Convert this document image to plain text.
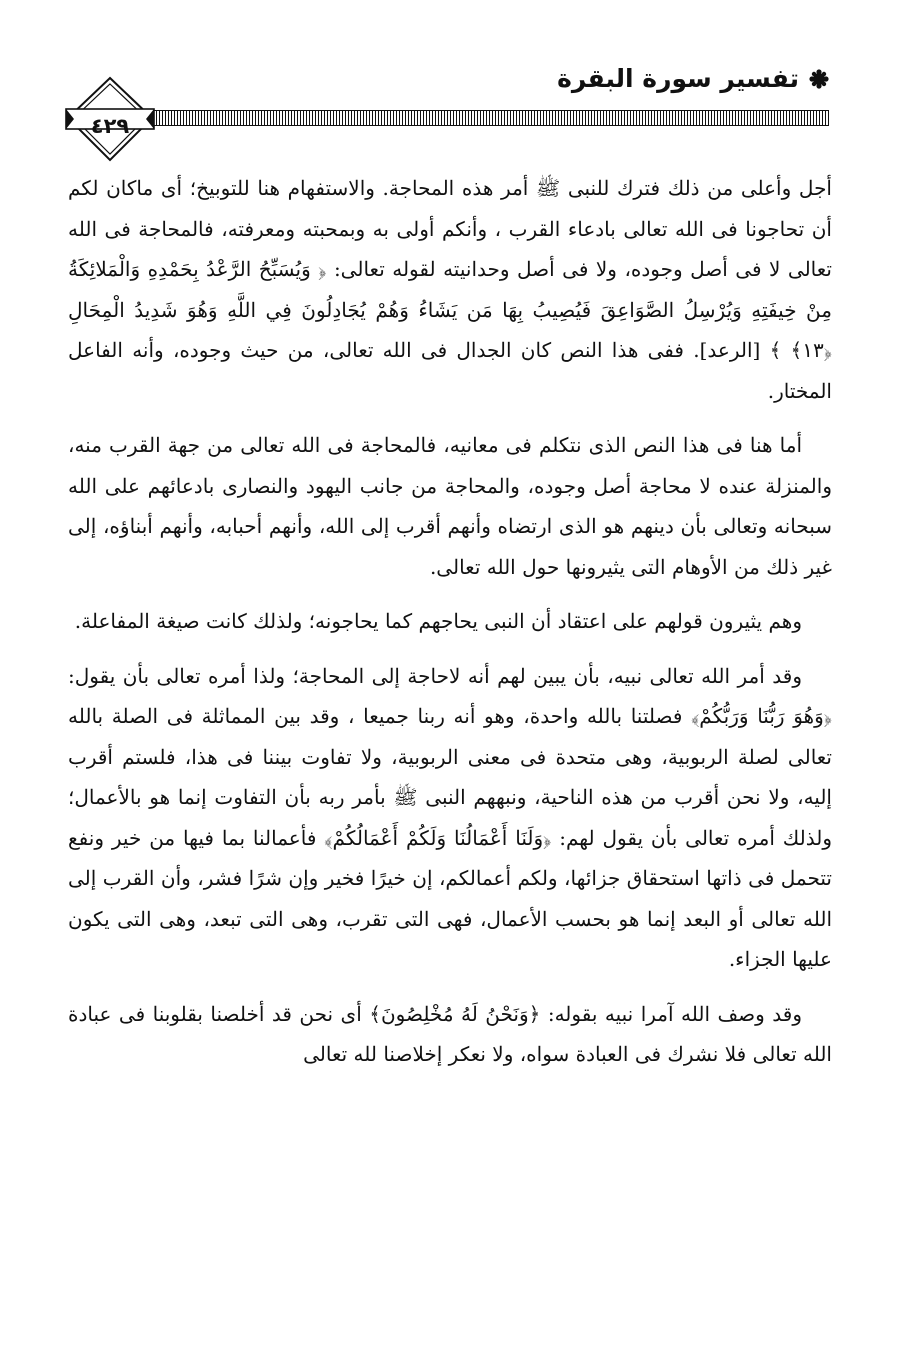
تفسير سورة البقرة
٤٢٩

أجل وأعلى من ذلك فترك للنبى ﷺ أمر هذه المحاجة. والاستفهام هنا للتوبيخ؛ أى ماكان لكم أن تحاجونا فى الله تعالى بادعاء القرب ، وأنكم أولى به وبمحبته ومعرفته، فالمحاجة فى الله تعالى لا فى أصل وجوده، ولا فى أصل وحدانيته لقوله تعالى: ﴿ وَيُسَبِّحُ الرَّعْدُ بِحَمْدِهِ وَالْمَلائِكَةُ مِنْ خِيفَتِهِ وَيُرْسِلُ الصَّوَاعِقَ فَيُصِيبُ بِهَا مَن يَشَاءُ وَهُمْ يُجَادِلُونَ فِي اللَّهِ وَهُوَ شَدِيدُ الْمِحَالِ ﴿١٣﴾ ﴾ [الرعد]. ففى هذا النص كان الجدال فى الله تعالى، من حيث وجوده، وأنه الفاعل المختار.

أما هنا فى هذا النص الذى نتكلم فى معانيه، فالمحاجة فى الله تعالى من جهة القرب منه، والمنزلة عنده لا محاجة أصل وجوده، والمحاجة من جانب اليهود والنصارى بادعائهم على الله سبحانه وتعالى بأن دينهم هو الذى ارتضاه وأنهم أقرب إلى الله، وأنهم أحبابه، وأنهم أبناؤه، إلى غير ذلك من الأوهام التى يثيرونها حول الله تعالى.

وهم يثيرون قولهم على اعتقاد أن النبى يحاجهم كما يحاجونه؛ ولذلك كانت صيغة المفاعلة.

وقد أمر الله تعالى نبيه، بأن يبين لهم أنه لاحاجة إلى المحاجة؛ ولذا أمره تعالى بأن يقول: ﴿وَهُوَ رَبُّنَا وَرَبُّكُمْ﴾ فصلتنا بالله واحدة، وهو أنه ربنا جميعا ، وقد بين المماثلة فى الصلة بالله تعالى لصلة الربوبية، وهى متحدة فى معنى الربوبية، ولا تفاوت بيننا فى هذا، فلستم أقرب إليه، ولا نحن أقرب من هذه الناحية، ونبههم النبى ﷺ بأمر ربه بأن التفاوت إنما هو بالأعمال؛ ولذلك أمره تعالى بأن يقول لهم: ﴿وَلَنَا أَعْمَالُنَا وَلَكُمْ أَعْمَالُكُمْ﴾ فأعمالنا بما فيها من خير ونفع تتحمل فى ذاتها استحقاق جزائها، ولكم أعمالكم، إن خيرًا فخير وإن شرًا فشر، وأن القرب إلى الله تعالى أو البعد إنما هو بحسب الأعمال، فهى التى تقرب، وهى التى تبعد، وهى التى يكون عليها الجزاء.

وقد وصف الله آمرا نبيه بقوله: ﴿وَنَحْنُ لَهُ مُخْلِصُونَ﴾ أى نحن قد أخلصنا بقلوبنا فى عبادة الله تعالى فلا نشرك فى العبادة سواه، ولا نعكر إخلاصنا لله تعالى
